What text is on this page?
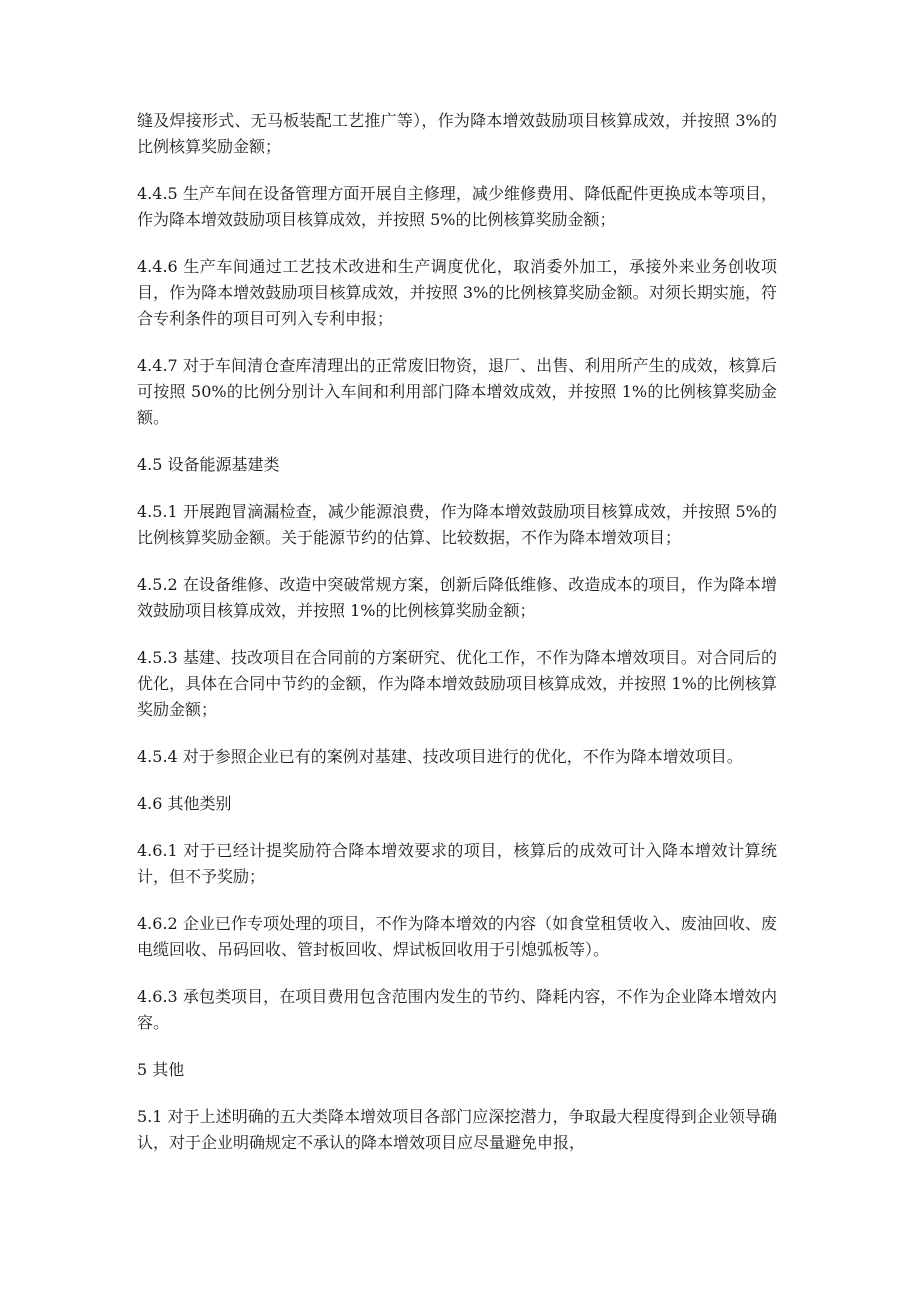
缝及焊接形式、无马板装配工艺推广等），作为降本增效鼓励项目核算成效，并按照 3%的比例核算奖励金额；

4.4.5 生产车间在设备管理方面开展自主修理，减少维修费用、降低配件更换成本等项目，作为降本增效鼓励项目核算成效，并按照 5%的比例核算奖励金额；

4.4.6 生产车间通过工艺技术改进和生产调度优化，取消委外加工，承接外来业务创收项目，作为降本增效鼓励项目核算成效，并按照 3%的比例核算奖励金额。对须长期实施，符合专利条件的项目可列入专利申报；

4.4.7 对于车间清仓查库清理出的正常废旧物资，退厂、出售、利用所产生的成效，核算后可按照 50%的比例分别计入车间和利用部门降本增效成效，并按照 1%的比例核算奖励金额。

4.5 设备能源基建类

4.5.1 开展跑冒滴漏检查，减少能源浪费，作为降本增效鼓励项目核算成效，并按照 5%的比例核算奖励金额。关于能源节约的估算、比较数据，不作为降本增效项目；

4.5.2 在设备维修、改造中突破常规方案，创新后降低维修、改造成本的项目，作为降本增效鼓励项目核算成效，并按照 1%的比例核算奖励金额；

4.5.3 基建、技改项目在合同前的方案研究、优化工作，不作为降本增效项目。对合同后的优化，具体在合同中节约的金额，作为降本增效鼓励项目核算成效，并按照 1%的比例核算奖励金额；

4.5.4 对于参照企业已有的案例对基建、技改项目进行的优化，不作为降本增效项目。

4.6 其他类别

4.6.1 对于已经计提奖励符合降本增效要求的项目，核算后的成效可计入降本增效计算统计，但不予奖励；

4.6.2 企业已作专项处理的项目，不作为降本增效的内容（如食堂租赁收入、废油回收、废电缆回收、吊码回收、管封板回收、焊试板回收用于引熄弧板等）。

4.6.3 承包类项目，在项目费用包含范围内发生的节约、降耗内容，不作为企业降本增效内容。

5 其他

5.1 对于上述明确的五大类降本增效项目各部门应深挖潜力，争取最大程度得到企业领导确认，对于企业明确规定不承认的降本增效项目应尽量避免申报，
